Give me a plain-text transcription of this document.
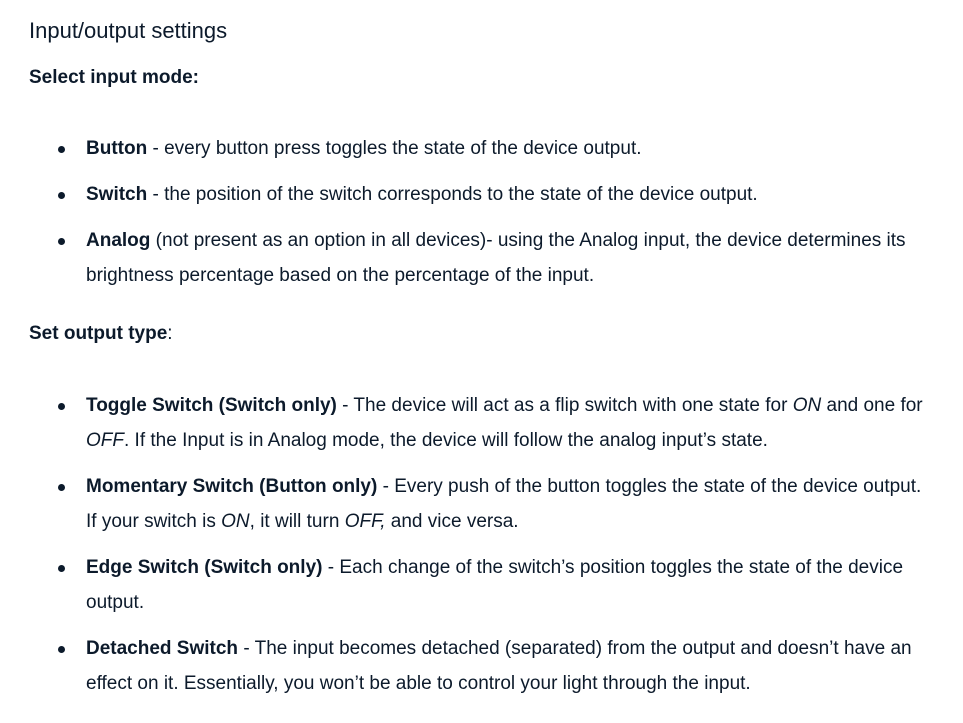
Input/output settings

Select input mode:

Button - every button press toggles the state of the device output.
Switch - the position of the switch corresponds to the state of the device output.
Analog (not present as an option in all devices)- using the Analog input, the device determines its brightness percentage based on the percentage of the input.

Set output type:

Toggle Switch (Switch only) - The device will act as a flip switch with one state for ON and one for OFF. If the Input is in Analog mode, the device will follow the analog input’s state.
Momentary Switch (Button only) - Every push of the button toggles the state of the device output. If your switch is ON, it will turn OFF, and vice versa.
Edge Switch (Switch only) - Each change of the switch’s position toggles the state of the device output.
Detached Switch - The input becomes detached (separated) from the output and doesn’t have an effect on it. Essentially, you won’t be able to control your light through the input.
